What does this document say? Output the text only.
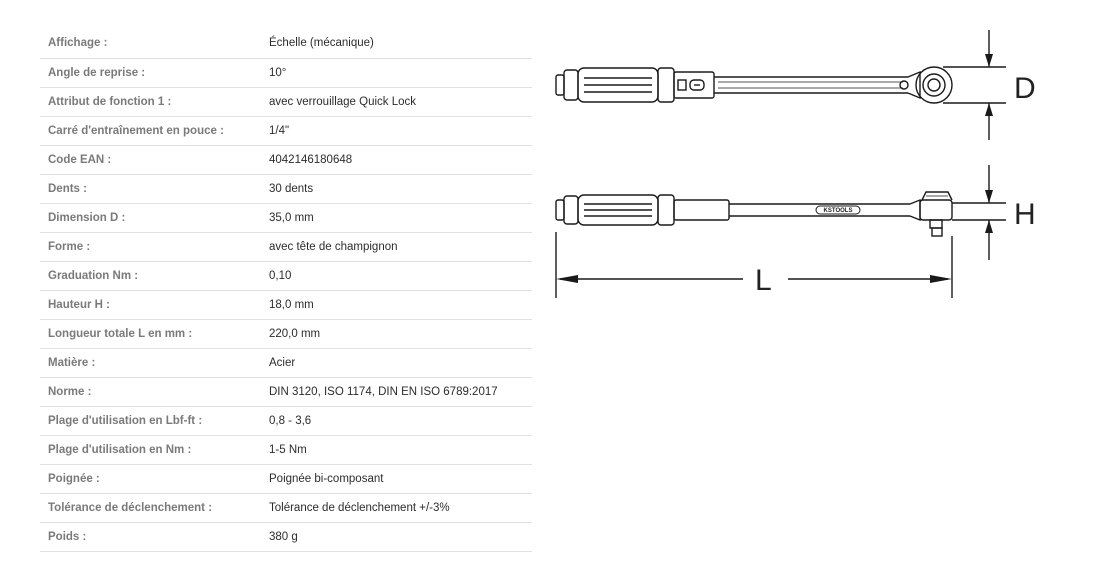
Affichage :	Échelle (mécanique)
Angle de reprise :	10°
Attribut de fonction 1 :	avec verrouillage Quick Lock
Carré d'entraînement en pouce :	1/4"
Code EAN :	4042146180648
Dents :	30 dents
Dimension D :	35,0 mm
Forme :	avec tête de champignon
Graduation Nm :	0,10
Hauteur H :	18,0 mm
Longueur totale L en mm :	220,0 mm
Matière :	Acier
Norme :	DIN 3120, ISO 1174, DIN EN ISO 6789:2017
Plage d'utilisation en Lbf-ft :	0,8 - 3,6
Plage d'utilisation en Nm :	1-5 Nm
Poignée :	Poignée bi-composant
Tolérance de déclenchement :	Tolérance de déclenchement +/-3%
Poids :	380 g
KSTOOLS
D
H
L
